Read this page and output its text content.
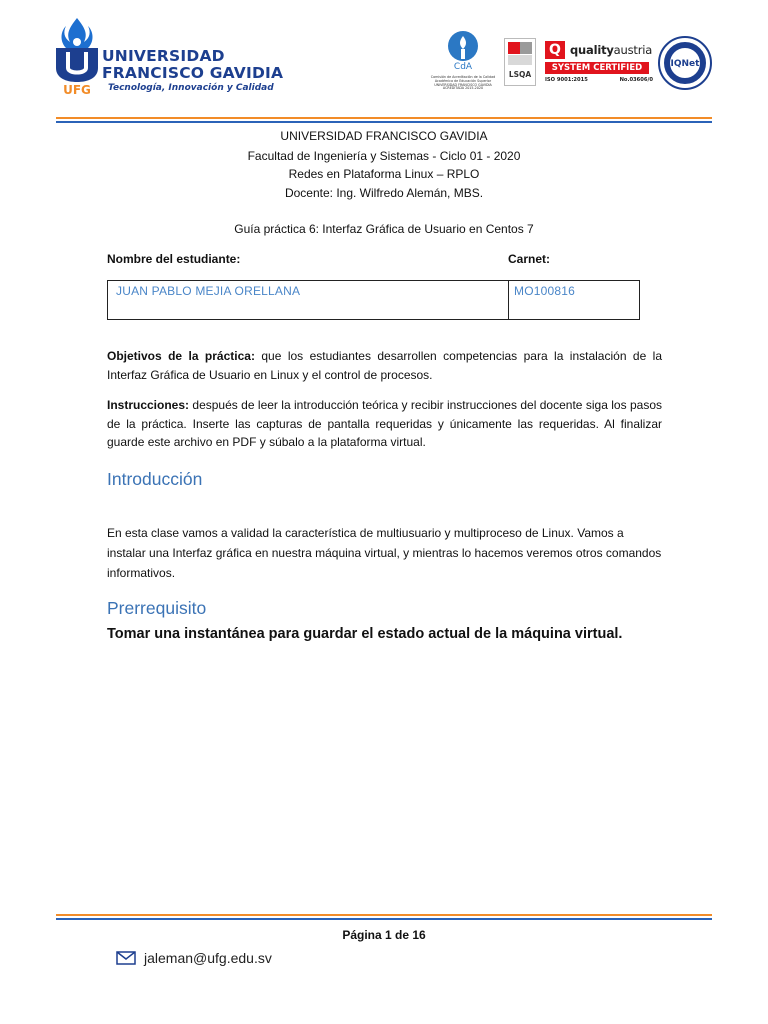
UFG
UNIVERSIDAD
FRANCISCO GAVIDIA
Tecnología, Innovación y Calidad
CdA
Comisión de Acreditación de la Calidad Académica de Educación Superior UNIVERSIDAD FRANCISCO GAVIDIA ACREDITADA 2015-2020
LSQA
Q qualityaustria
SYSTEM CERTIFIED
ISO 9001:2015	No.03606/0
IQNet
UNIVERSIDAD FRANCISCO GAVIDIA
Facultad de Ingeniería y Sistemas - Ciclo 01 - 2020
Redes en Plataforma Linux – RPLO
Docente: Ing. Wilfredo Alemán, MBS.
Guía práctica 6: Interfaz Gráfica de Usuario en Centos 7
Nombre del estudiante:	Carnet:
JUAN PABLO MEJIA ORELLANA	MO100816
Objetivos de la práctica: que los estudiantes desarrollen competencias para la instalación de la Interfaz Gráfica de Usuario en Linux y el control de procesos.
Instrucciones: después de leer la introducción teórica y recibir instrucciones del docente siga los pasos de la práctica. Inserte las capturas de pantalla requeridas y únicamente las requeridas. Al finalizar guarde este archivo en PDF y súbalo a la plataforma virtual.
Introducción
En esta clase vamos a validad la característica de multiusuario y multiproceso de Linux. Vamos a instalar una Interfaz gráfica en nuestra máquina virtual, y mientras lo hacemos veremos otros comandos informativos.
Prerrequisito
Tomar una instantánea para guardar el estado actual de la máquina virtual.
Página 1 de 16
jaleman@ufg.edu.sv
